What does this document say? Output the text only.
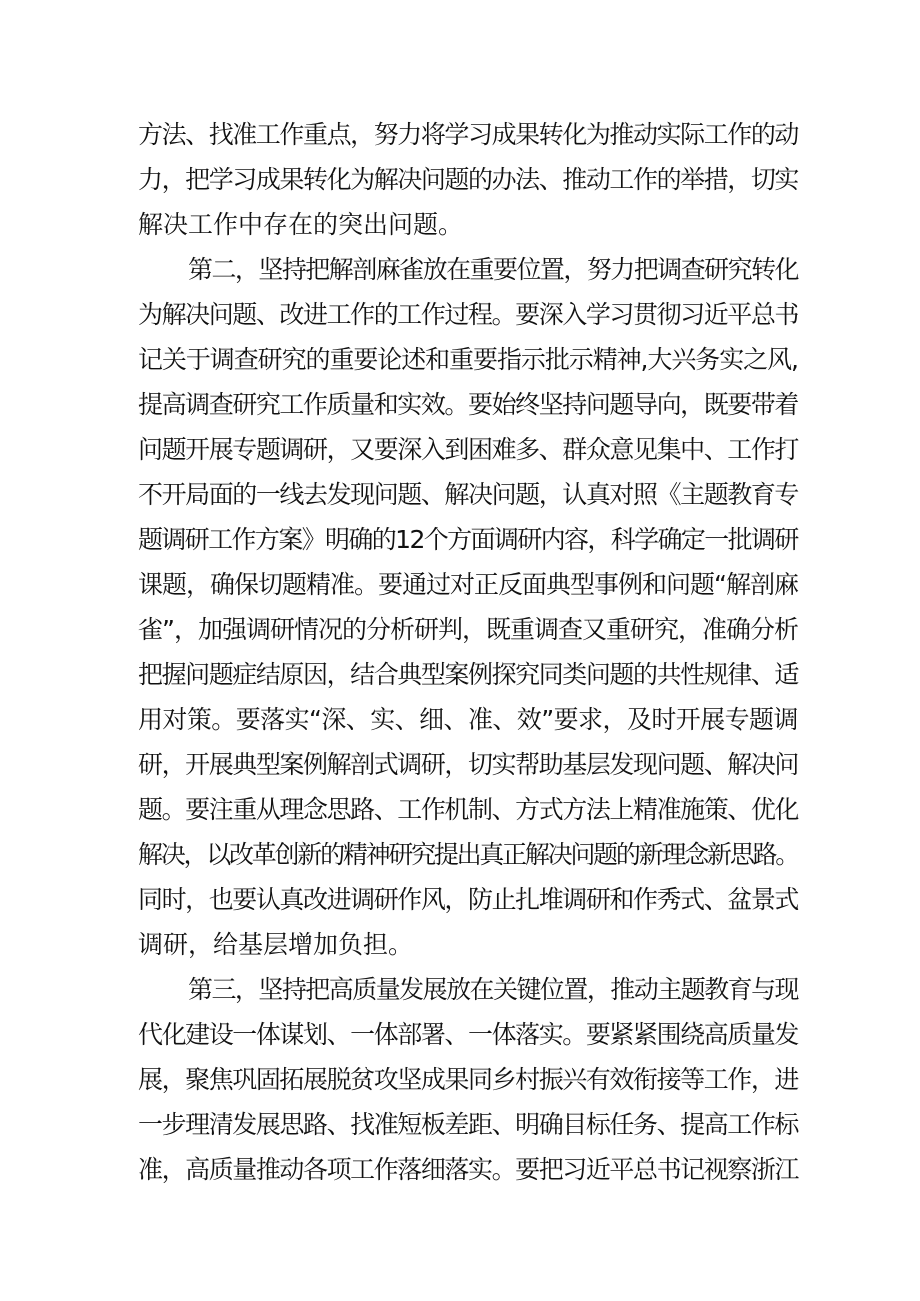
方法、找准工作重点，努力将学习成果转化为推动实际工作的动
力，把学习成果转化为解决问题的办法、推动工作的举措，切实
解决工作中存在的突出问题。
第二，坚持把解剖麻雀放在重要位置，努力把调查研究转化
为解决问题、改进工作的工作过程。要深入学习贯彻习近平总书
记关于调查研究的重要论述和重要指示批示精神,大兴务实之风,
提高调查研究工作质量和实效。要始终坚持问题导向，既要带着
问题开展专题调研，又要深入到困难多、群众意见集中、工作打
不开局面的一线去发现问题、解决问题，认真对照《主题教育专
题调研工作方案》明确的12个方面调研内容，科学确定一批调研
课题，确保切题精准。要通过对正反面典型事例和问题“解剖麻
雀”，加强调研情况的分析研判，既重调查又重研究，准确分析
把握问题症结原因，结合典型案例探究同类问题的共性规律、适
用对策。要落实“深、实、细、准、效”要求，及时开展专题调
研，开展典型案例解剖式调研，切实帮助基层发现问题、解决问
题。要注重从理念思路、工作机制、方式方法上精准施策、优化
解决，以改革创新的精神研究提出真正解决问题的新理念新思路。
同时，也要认真改进调研作风，防止扎堆调研和作秀式、盆景式
调研，给基层增加负担。
第三，坚持把高质量发展放在关键位置，推动主题教育与现
代化建设一体谋划、一体部署、一体落实。要紧紧围绕高质量发
展，聚焦巩固拓展脱贫攻坚成果同乡村振兴有效衔接等工作，进
一步理清发展思路、找准短板差距、明确目标任务、提高工作标
准，高质量推动各项工作落细落实。要把习近平总书记视察浙江
